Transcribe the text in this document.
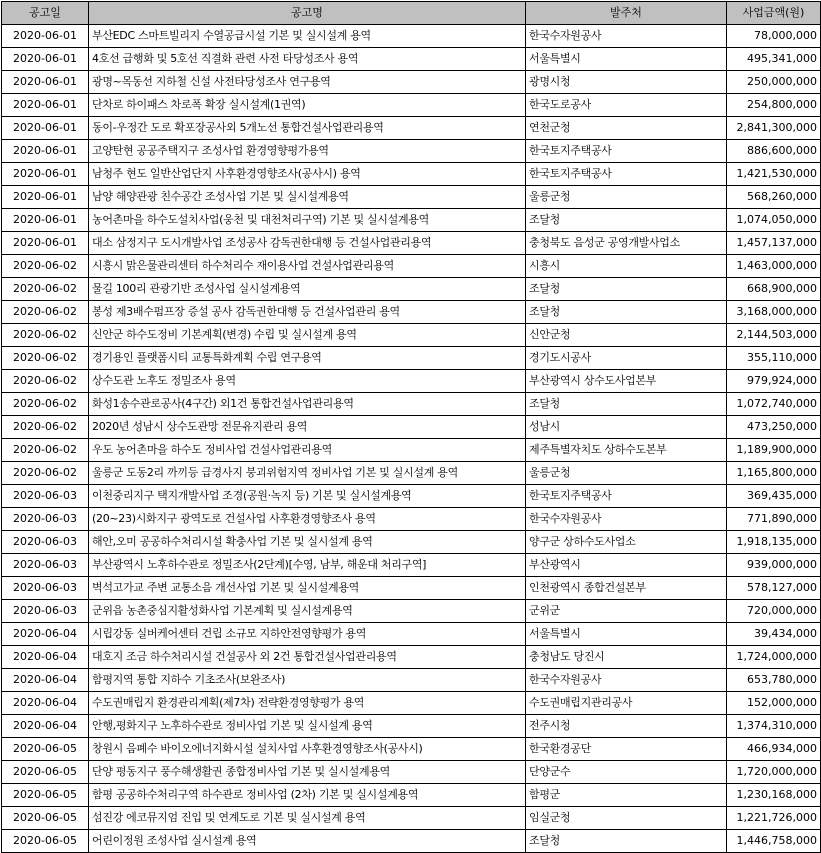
공고일	공고명	발주처	사업금액(원)
2020-06-01	부산EDC 스마트빌리지 수열공급시설 기본 및 실시설계 용역	한국수자원공사	78,000,000
2020-06-01	4호선 급행화 및 5호선 직결화 관련 사전 타당성조사 용역	서울특별시	495,341,000
2020-06-01	광명~목동선 지하철 신설 사전타당성조사 연구용역	광명시청	250,000,000
2020-06-01	단차로 하이패스 차로폭 확장 실시설계(1권역)	한국도로공사	254,800,000
2020-06-01	동이-우정간 도로 확포장공사외 5개노선 통합건설사업관리용역	연천군청	2,841,300,000
2020-06-01	고양탄현 공공주택지구 조성사업 환경영향평가용역	한국토지주택공사	886,600,000
2020-06-01	남청주 현도 일반산업단지 사후환경영향조사(공사시) 용역	한국토지주택공사	1,421,530,000
2020-06-01	남양 해양관광 친수공간 조성사업 기본 및 실시설계용역	울릉군청	568,260,000
2020-06-01	농어촌마을 하수도설치사업(웅천 및 대천처리구역) 기본 및 실시설계용역	조달청	1,074,050,000
2020-06-01	대소 삼정지구 도시개발사업 조성공사 감독권한대행 등 건설사업관리용역	충청북도 음성군 공영개발사업소	1,457,137,000
2020-06-02	시흥시 맑은물관리센터 하수처리수 재이용사업 건설사업관리용역	시흥시	1,463,000,000
2020-06-02	물길 100리 관광기반 조성사업 실시설계용역	조달청	668,900,000
2020-06-02	봉성 제3배수펌프장 증설 공사 감독권한대행 등 건설사업관리 용역	조달청	3,168,000,000
2020-06-02	신안군 하수도정비 기본계획(변경) 수립 및 실시설계 용역	신안군청	2,144,503,000
2020-06-02	경기용인 플랫폼시티 교통특화계획 수립 연구용역	경기도시공사	355,110,000
2020-06-02	상수도관 노후도 정밀조사 용역	부산광역시 상수도사업본부	979,924,000
2020-06-02	화성1송수관로공사(4구간) 외1건 통합건설사업관리용역	조달청	1,072,740,000
2020-06-02	2020년 성남시 상수도관망 전문유지관리 용역	성남시	473,250,000
2020-06-02	우도 농어촌마을 하수도 정비사업 건설사업관리용역	제주특별자치도 상하수도본부	1,189,900,000
2020-06-02	울릉군 도동2리 까끼등 급경사지 붕괴위험지역 정비사업 기본 및 실시설계 용역	울릉군청	1,165,800,000
2020-06-03	이천중리지구 택지개발사업 조경(공원·녹지 등) 기본 및 실시설계용역	한국토지주택공사	369,435,000
2020-06-03	(20~23)시화지구 광역도로 건설사업 사후환경영향조사 용역	한국수자원공사	771,890,000
2020-06-03	해안,오미 공공하수처리시설 확충사업 기본 및 실시설계 용역	양구군 상하수도사업소	1,918,135,000
2020-06-03	부산광역시 노후하수관로 정밀조사(2단계)[수영, 남부, 해운대 처리구역]	부산광역시	939,000,000
2020-06-03	벽석고가교 주변 교통소음 개선사업 기본 및 실시설계용역	인천광역시 종합건설본부	578,127,000
2020-06-03	군위읍 농촌중심지활성화사업 기본계획 및 실시설계용역	군위군	720,000,000
2020-06-04	시립강동 실버케어센터 건립 소규모 지하안전영향평가 용역	서울특별시	39,434,000
2020-06-04	대호지 조금 하수처리시설 건설공사 외 2건 통합건설사업관리용역	충청남도 당진시	1,724,000,000
2020-06-04	함평지역 통합 지하수 기초조사(보완조사)	한국수자원공사	653,780,000
2020-06-04	수도권매립지 환경관리계획(제7차) 전략환경영향평가 용역	수도권매립지관리공사	152,000,000
2020-06-04	안행,평화지구 노후하수관로 정비사업 기본 및 실시설계 용역	전주시청	1,374,310,000
2020-06-05	창원시 음폐수 바이오에너지화시설 설치사업 사후환경영향조사(공사시)	한국환경공단	466,934,000
2020-06-05	단양 평동지구 풍수해생활권 종합정비사업 기본 및 실시설계용역	단양군수	1,720,000,000
2020-06-05	함평 공공하수처리구역 하수관로 정비사업 (2차) 기본 및 실시설계용역	함평군	1,230,168,000
2020-06-05	섬진강 에코뮤지엄 진입 및 연계도로 기본 및 실시설계 용역	임실군청	1,221,726,000
2020-06-05	어린이정원 조성사업 실시설계 용역	조달청	1,446,758,000
